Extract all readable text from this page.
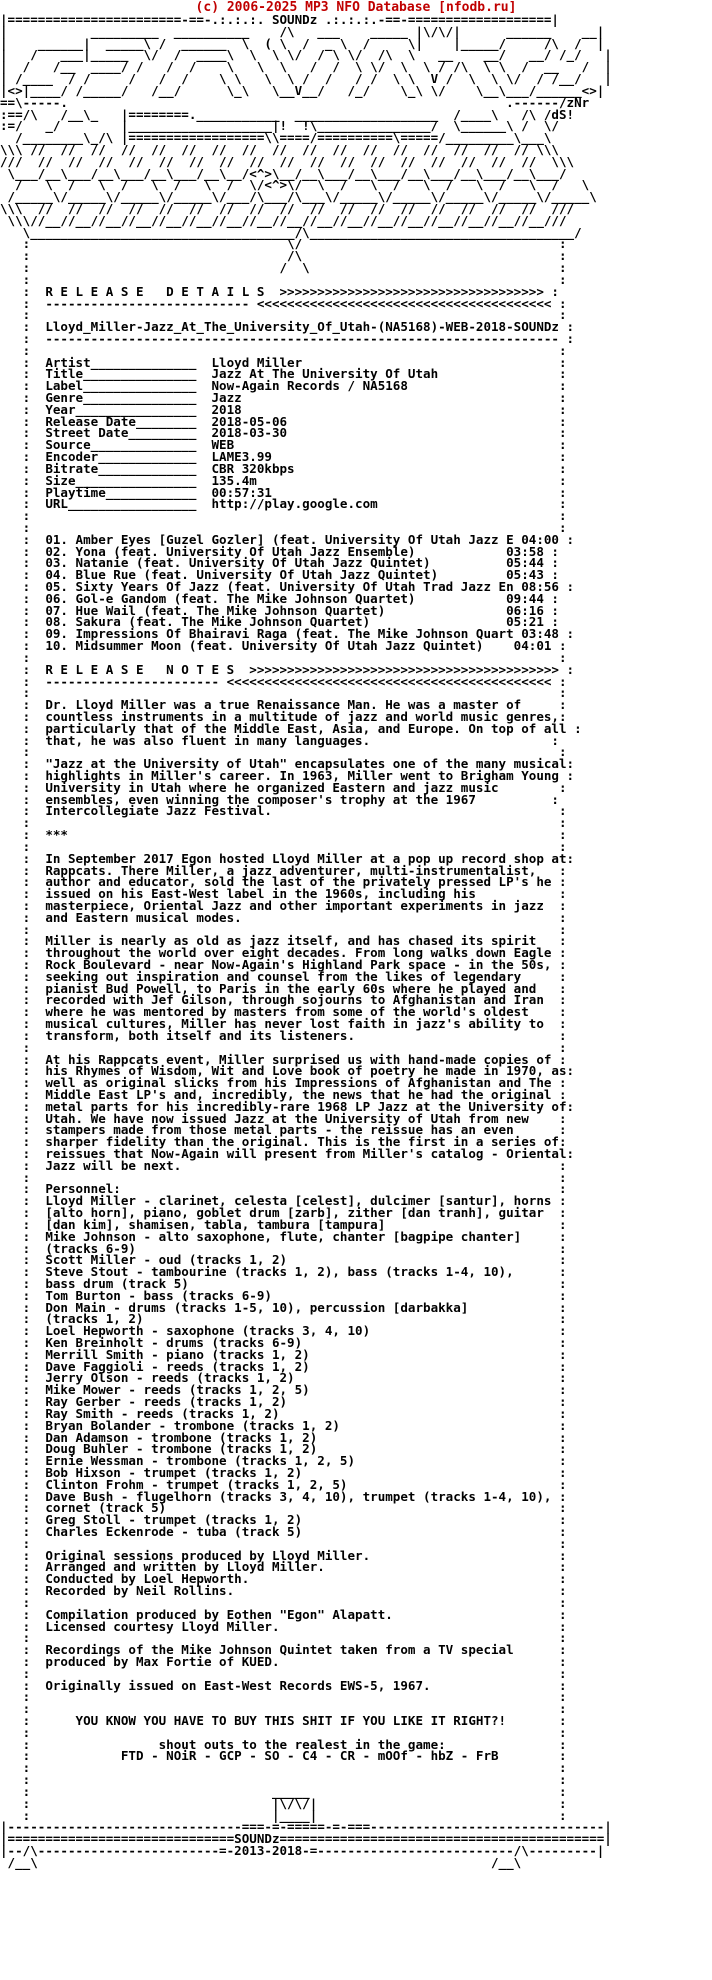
(c) 2006-2025 MP3 NFO Database [nfodb.ru]
|=======================-==-.:.:.:. SOUNDz .:.:.:.-==-===================|
|           _________  __________    /\   ___    _____ |\/\/|      ______    __|
|    ______|  _____\ /  ______  \  ( \  /  _ \  /     \|    |_____/     /\  /  |
|   /   ___|_____  \/  /  ____\  \  \ \/  / \ \/  /\  \   __    __/   __/ /_/   |
|  /   /__  ____/ /   /  /    \   \  \   /  /  \ \/  \  \ / /\  \ \  /  __   /  |
| /____  / /     /   /  /    \ \   \  \ /  /   / /  \ \  V /  \  \ \/  / /__/   |
|<>|____/ /_____/   /__/      \_\   \__V__/   /_/    \_\ \/    \__\___/______<>|
==\-----.                                                          .------/zNr
:==/\   /__\_   |========.___________  ___________________  /____\   /\ /dS!
:=/   _/        |___________________|!  !\_______________/  \______\ /  \/
/________\_/\ |==================\\====/==========\=====/_________\___\
\\\ //  //  //  //  //  //  //  //  //  //  //  //  //  //  //  //  // \\\
///  //  //  //  //  //  //  //  //  //  //  //  //  //  //  //  //  //  \\\
\___/__\___/__\___/__\___/__\__/<^>\__/__\___/__\___/__\___/__\___/__\___/
/   \  /   \  /   \  /   \  /  \/<^>\/  \  /   \  /   \  /   \  /   \  /   \
/_____\/_____\/_____\/_____\/___/\___/\___\/_____\/_____\/_____\/_____\/_____\
\\\  //  //  //  //  //  //  //  //  //  //  //  //  //  //  //  //  //  ///
\\\//__//__//__//__//__//__//__//__//__//__//__//__//__//__//__//__//__///
\___________________________________/\___________________________________/
:                                  \/                                  :
:                                  /\                                  :
:                                 /  \                                 :
:                                                                      :
:  R E L E A S E   D E T A I L S  >>>>>>>>>>>>>>>>>>>>>>>>>>>>>>>>>>> :
:  --------------------------- <<<<<<<<<<<<<<<<<<<<<<<<<<<<<<<<<<<<<<< :
:                                                                      :
:  Lloyd_Miller-Jazz_At_The_University_Of_Utah-(NA5168)-WEB-2018-SOUNDz :
:  -------------------------------------------------------------------- :
:                                                                      :
:  Artist______________  Lloyd Miller                                  :
:  Title_______________  Jazz At The University Of Utah                :
:  Label_______________  Now-Again Records / NA5168                    :
:  Genre_______________  Jazz                                          :
:  Year________________  2018                                          :
:  Release Date________  2018-05-06                                    :
:  Street Date_________  2018-03-30                                    :
:  Source______________  WEB                                           :
:  Encoder_____________  LAME3.99                                      :
:  Bitrate_____________  CBR 320kbps                                   :
:  Size________________  135.4m                                        :
:  Playtime____________  00:57:31                                      :
:  URL_________________  http://play.google.com                        :
:                                                                      :
:                                                                      :
:  01. Amber Eyes [Guzel Gozler] (feat. University Of Utah Jazz E 04:00 :
:  02. Yona (feat. University Of Utah Jazz Ensemble)            03:58 :
:  03. Natanie (feat. University Of Utah Jazz Quintet)          05:44 :
:  04. Blue Rue (feat. University Of Utah Jazz Quintet)         05:43 :
:  05. Sixty Years Of Jazz (feat. University Of Utah Trad Jazz En 08:56 :
:  06. Gol-e Gandom (feat. The Mike Johnson Quartet)            09:44 :
:  07. Hue Wail (feat. The Mike Johnson Quartet)                06:16 :
:  08. Sakura (feat. The Mike Johnson Quartet)                  05:21 :
:  09. Impressions Of Bhairavi Raga (feat. The Mike Johnson Quart 03:48 :
:  10. Midsummer Moon (feat. University Of Utah Jazz Quintet)    04:01 :
:                                                                      :
:  R E L E A S E   N O T E S  >>>>>>>>>>>>>>>>>>>>>>>>>>>>>>>>>>>>>>>>> :
:  ----------------------- <<<<<<<<<<<<<<<<<<<<<<<<<<<<<<<<<<<<<<<<<<< :
:                                                                      :
:  Dr. Lloyd Miller was a true Renaissance Man. He was a master of     :
:  countless instruments in a multitude of jazz and world music genres,:
:  particularly that of the Middle East, Asia, and Europe. On top of all :
:  that, he was also fluent in many languages.                        :
:                                                                      :
:  "Jazz at the University of Utah" encapsulates one of the many musical:
:  highlights in Miller's career. In 1963, Miller went to Brigham Young :
:  University in Utah where he organized Eastern and jazz music        :
:  ensembles, even winning the composer's trophy at the 1967          :
:  Intercollegiate Jazz Festival.                                      :
:                                                                      :
:  ***                                                                 :
:                                                                      :
:  In September 2017 Egon hosted Lloyd Miller at a pop up record shop at:
:  Rappcats. There Miller, a jazz adventurer, multi-instrumentalist,   :
:  author and educator, sold the last of the privately pressed LP's he :
:  issued on his East-West label in the 1960s, including his           :
:  masterpiece, Oriental Jazz and other important experiments in jazz  :
:  and Eastern musical modes.                                          :
:                                                                      :
:  Miller is nearly as old as jazz itself, and has chased its spirit   :
:  throughout the world over eight decades. From long walks down Eagle :
:  Rock Boulevard - near Now-Again's Highland Park space - in the 50s, :
:  seeking out inspiration and counsel from the likes of legendary     :
:  pianist Bud Powell, to Paris in the early 60s where he played and   :
:  recorded with Jef Gilson, through sojourns to Afghanistan and Iran  :
:  where he was mentored by masters from some of the world's oldest    :
:  musical cultures, Miller has never lost faith in jazz's ability to  :
:  transform, both itself and its listeners.                           :
:                                                                      :
:  At his Rappcats event, Miller surprised us with hand-made copies of :
:  his Rhymes of Wisdom, Wit and Love book of poetry he made in 1970, as:
:  well as original slicks from his Impressions of Afghanistan and The :
:  Middle East LP's and, incredibly, the news that he had the original :
:  metal parts for his incredibly-rare 1968 LP Jazz at the University of:
:  Utah. We have now issued Jazz at the University of Utah from new    :
:  stampers made from those metal parts - the reissue has an even      :
:  sharper fidelity than the original. This is the first in a series of:
:  reissues that Now-Again will present from Miller's catalog - Oriental:
:  Jazz will be next.                                                  :
:                                                                      :
:  Personnel:                                                          :
:  Lloyd Miller - clarinet, celesta [celest], dulcimer [santur], horns :
:  [alto horn], piano, goblet drum [zarb], zither [dan tranh], guitar  :
:  [dan kim], shamisen, tabla, tambura [tampura]                       :
:  Mike Johnson - alto saxophone, flute, chanter [bagpipe chanter]     :
:  (tracks 6-9)                                                        :
:  Scott Miller - oud (tracks 1, 2)                                    :
:  Steve Stout - tambourine (tracks 1, 2), bass (tracks 1-4, 10),      :
:  bass drum (track 5)                                                 :
:  Tom Burton - bass (tracks 6-9)                                      :
:  Don Main - drums (tracks 1-5, 10), percussion [darbakka]            :
:  (tracks 1, 2)                                                       :
:  Loel Hepworth - saxophone (tracks 3, 4, 10)                         :
:  Ken Breinholt - drums (tracks 6-9)                                  :
:  Merrill Smith - piano (tracks 1, 2)                                 :
:  Dave Faggioli - reeds (tracks 1, 2)                                 :
:  Jerry Olson - reeds (tracks 1, 2)                                   :
:  Mike Mower - reeds (tracks 1, 2, 5)                                 :
:  Ray Gerber - reeds (tracks 1, 2)                                    :
:  Ray Smith - reeds (tracks 1, 2)                                     :
:  Bryan Bolander - trombone (tracks 1, 2)                             :
:  Dan Adamson - trombone (tracks 1, 2)                                :
:  Doug Buhler - trombone (tracks 1, 2)                                :
:  Ernie Wessman - trombone (tracks 1, 2, 5)                           :
:  Bob Hixson - trumpet (tracks 1, 2)                                  :
:  Clinton Frohm - trumpet (tracks 1, 2, 5)                            :
:  Dave Bush - flugelhorn (tracks 3, 4, 10), trumpet (tracks 1-4, 10), :
:  cornet (track 5)                                                    :
:  Greg Stoll - trumpet (tracks 1, 2)                                  :
:  Charles Eckenrode - tuba (track 5)                                  :
:                                                                      :
:  Original sessions produced by Lloyd Miller.                         :
:  Arranged and written by Lloyd Miller.                               :
:  Conducted by Loel Hepworth.                                         :
:  Recorded by Neil Rollins.                                           :
:                                                                      :
:  Compilation produced by Eothen "Egon" Alapatt.                      :
:  Licensed courtesy Lloyd Miller.                                     :
:                                                                      :
:  Recordings of the Mike Johnson Quintet taken from a TV special      :
:  produced by Max Fortie of KUED.                                     :
:                                                                      :
:  Originally issued on East-West Records EWS-5, 1967.                 :
:                                                                      :
:                                                                      :
:      YOU KNOW YOU HAVE TO BUY THIS SHIT IF YOU LIKE IT RIGHT?!       :
:                                                                      :
:                 shout outs to the realest in the game:               :
:            FTD - NOiR - GCP - SO - C4 - CR - mOOf - hbZ - FrB        :
:                                                                      :
:                                                                      :
:                                _____                                 :
:                                |\/\/|                                :
:                                |____|                                :
|-------------------------------===-=-=====-=-===-------------------------------|
|==============================SOUNDz===========================================|
|--/\------------------------=-2013-2018-=--------------------------/\---------|
/__\                                                            /__\
